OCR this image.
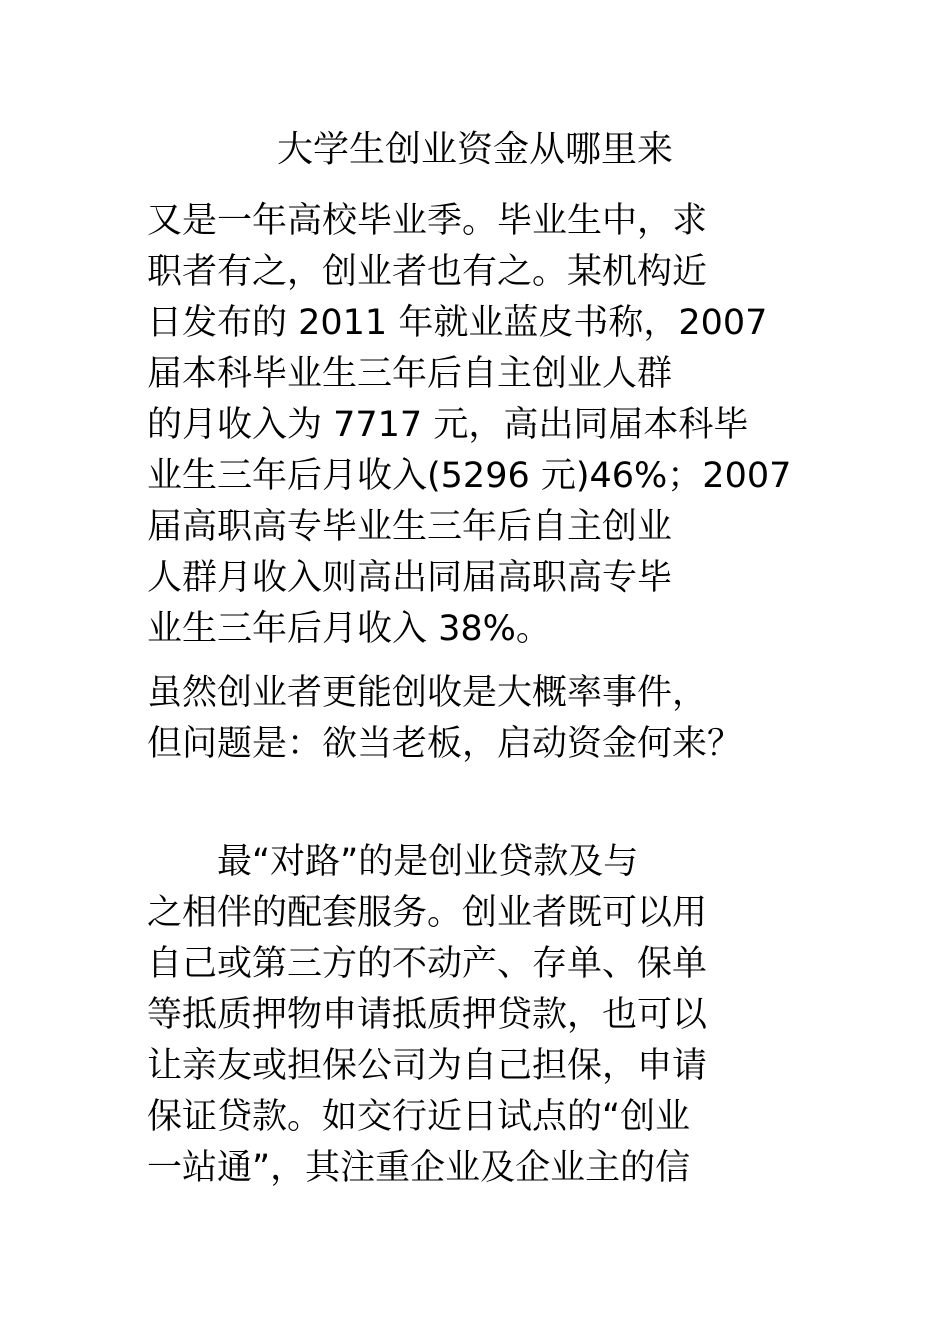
大学生创业资金从哪里来
又是一年高校毕业季。毕业生中，求
职者有之，创业者也有之。某机构近
日发布的 2011 年就业蓝皮书称，2007
届本科毕业生三年后自主创业人群
的月收入为 7717 元，高出同届本科毕
业生三年后月收入(5296 元)46%；2007
届高职高专毕业生三年后自主创业
人群月收入则高出同届高职高专毕
业生三年后月收入 38%。
虽然创业者更能创收是大概率事件，
但问题是：欲当老板，启动资金何来？
　　最“对路”的是创业贷款及与
之相伴的配套服务。创业者既可以用
自己或第三方的不动产、存单、保单
等抵质押物申请抵质押贷款，也可以
让亲友或担保公司为自己担保，申请
保证贷款。如交行近日试点的“创业
一站通”，其注重企业及企业主的信
